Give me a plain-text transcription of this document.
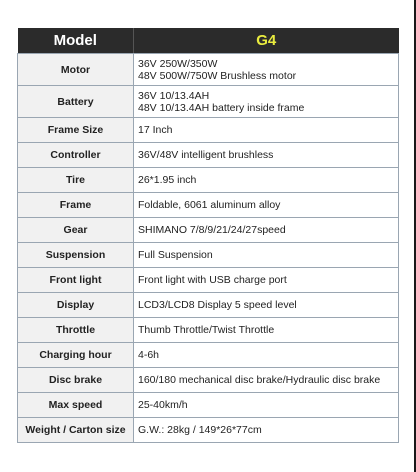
Model	G4
Motor	36V 250W/350W
48V 500W/750W Brushless motor

Battery	36V 10/13.4AH
48V 10/13.4AH battery inside frame

Frame Size	17 Inch

Controller	36V/48V intelligent brushless

Tire	26*1.95 inch

Frame	Foldable, 6061 aluminum alloy

Gear	SHIMANO 7/8/9/21/24/27speed

Suspension	Full Suspension

Front light	Front light with USB charge port

Display	LCD3/LCD8 Display 5 speed level

Throttle	Thumb Throttle/Twist Throttle

Charging hour	4-6h

Disc brake	160/180 mechanical disc brake/Hydraulic disc brake

Max speed	25-40km/h

Weight / Carton size	G.W.: 28kg / 149*26*77cm
